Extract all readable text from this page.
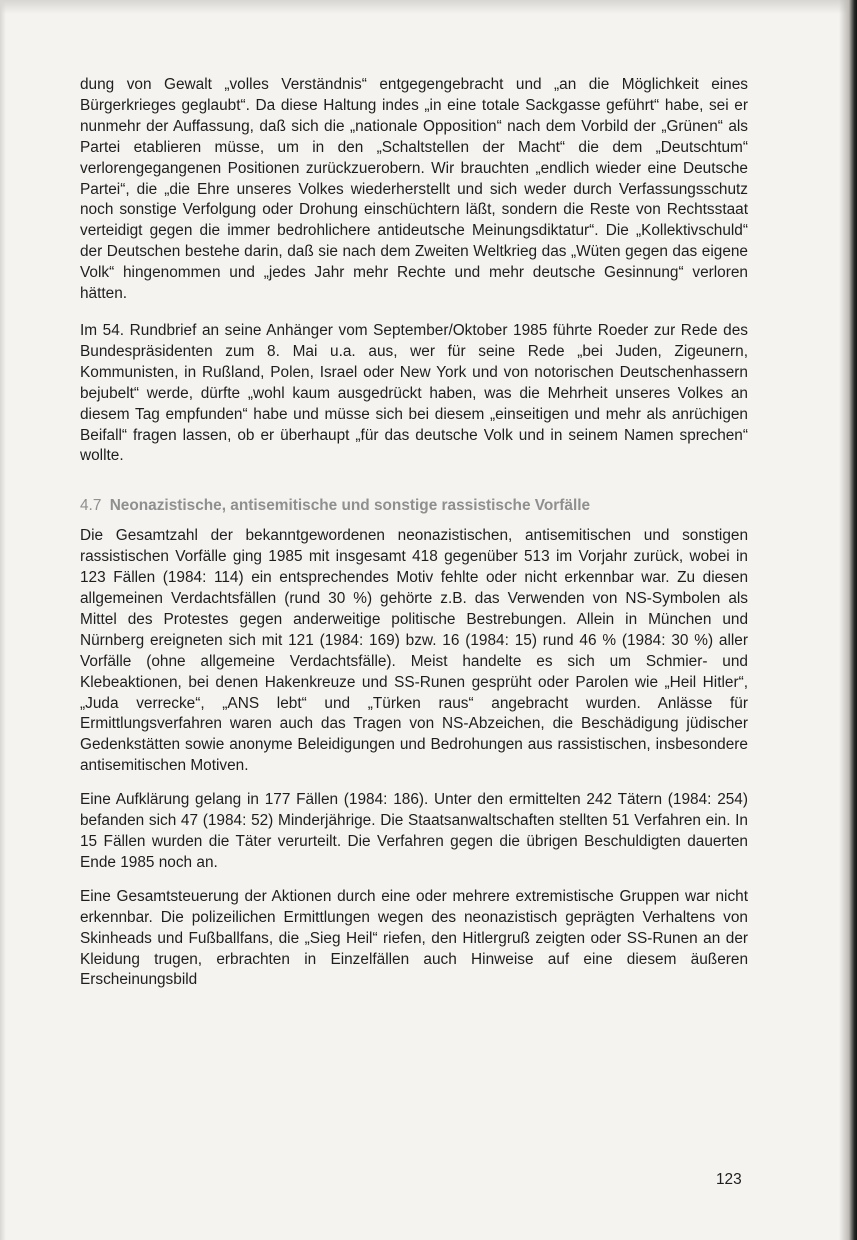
dung von Gewalt „volles Verständnis“ entgegengebracht und „an die Möglichkeit eines Bürgerkrieges geglaubt“. Da diese Haltung indes „in eine totale Sackgasse geführt“ habe, sei er nunmehr der Auffassung, daß sich die „nationale Opposition“ nach dem Vorbild der „Grünen“ als Partei etablieren müsse, um in den „Schaltstellen der Macht“ die dem „Deutschtum“ verlorengegangenen Positionen zurückzuerobern. Wir brauchten „endlich wieder eine Deutsche Partei“, die „die Ehre unseres Volkes wiederherstellt und sich weder durch Verfassungsschutz noch sonstige Verfolgung oder Drohung einschüchtern läßt, sondern die Reste von Rechtsstaat verteidigt gegen die immer bedrohlichere antideutsche Meinungsdiktatur“. Die „Kollektivschuld“ der Deutschen bestehe darin, daß sie nach dem Zweiten Weltkrieg das „Wüten gegen das eigene Volk“ hingenommen und „jedes Jahr mehr Rechte und mehr deutsche Gesinnung“ verloren hätten.

Im 54. Rundbrief an seine Anhänger vom September/Oktober 1985 führte Roeder zur Rede des Bundespräsidenten zum 8. Mai u.a. aus, wer für seine Rede „bei Juden, Zigeunern, Kommunisten, in Rußland, Polen, Israel oder New York und von notorischen Deutschenhassern bejubelt“ werde, dürfte „wohl kaum ausgedrückt haben, was die Mehrheit unseres Volkes an diesem Tag empfunden“ habe und müsse sich bei diesem „einseitigen und mehr als anrüchigen Beifall“ fragen lassen, ob er überhaupt „für das deutsche Volk und in seinem Namen sprechen“ wollte.

4.7 Neonazistische, antisemitische und sonstige rassistische Vorfälle

Die Gesamtzahl der bekanntgewordenen neonazistischen, antisemitischen und sonstigen rassistischen Vorfälle ging 1985 mit insgesamt 418 gegenüber 513 im Vorjahr zurück, wobei in 123 Fällen (1984: 114) ein entsprechendes Motiv fehlte oder nicht erkennbar war. Zu diesen allgemeinen Verdachtsfällen (rund 30 %) gehörte z.B. das Verwenden von NS-Symbolen als Mittel des Protestes gegen anderweitige politische Bestrebungen. Allein in München und Nürnberg ereigneten sich mit 121 (1984: 169) bzw. 16 (1984: 15) rund 46 % (1984: 30 %) aller Vorfälle (ohne allgemeine Verdachtsfälle). Meist handelte es sich um Schmier- und Klebeaktionen, bei denen Hakenkreuze und SS-Runen gesprüht oder Parolen wie „Heil Hitler“, „Juda verrecke“, „ANS lebt“ und „Türken raus“ angebracht wurden. Anlässe für Ermittlungsverfahren waren auch das Tragen von NS-Abzeichen, die Beschädigung jüdischer Gedenkstätten sowie anonyme Beleidigungen und Bedrohungen aus rassistischen, insbesondere antisemitischen Motiven.

Eine Aufklärung gelang in 177 Fällen (1984: 186). Unter den ermittelten 242 Tätern (1984: 254) befanden sich 47 (1984: 52) Minderjährige. Die Staatsanwaltschaften stellten 51 Verfahren ein. In 15 Fällen wurden die Täter verurteilt. Die Verfahren gegen die übrigen Beschuldigten dauerten Ende 1985 noch an.

Eine Gesamtsteuerung der Aktionen durch eine oder mehrere extremistische Gruppen war nicht erkennbar. Die polizeilichen Ermittlungen wegen des neonazistisch geprägten Verhaltens von Skinheads und Fußballfans, die „Sieg Heil“ riefen, den Hitlergruß zeigten oder SS-Runen an der Kleidung trugen, erbrachten in Einzelfällen auch Hinweise auf eine diesem äußeren Erscheinungsbild

123
